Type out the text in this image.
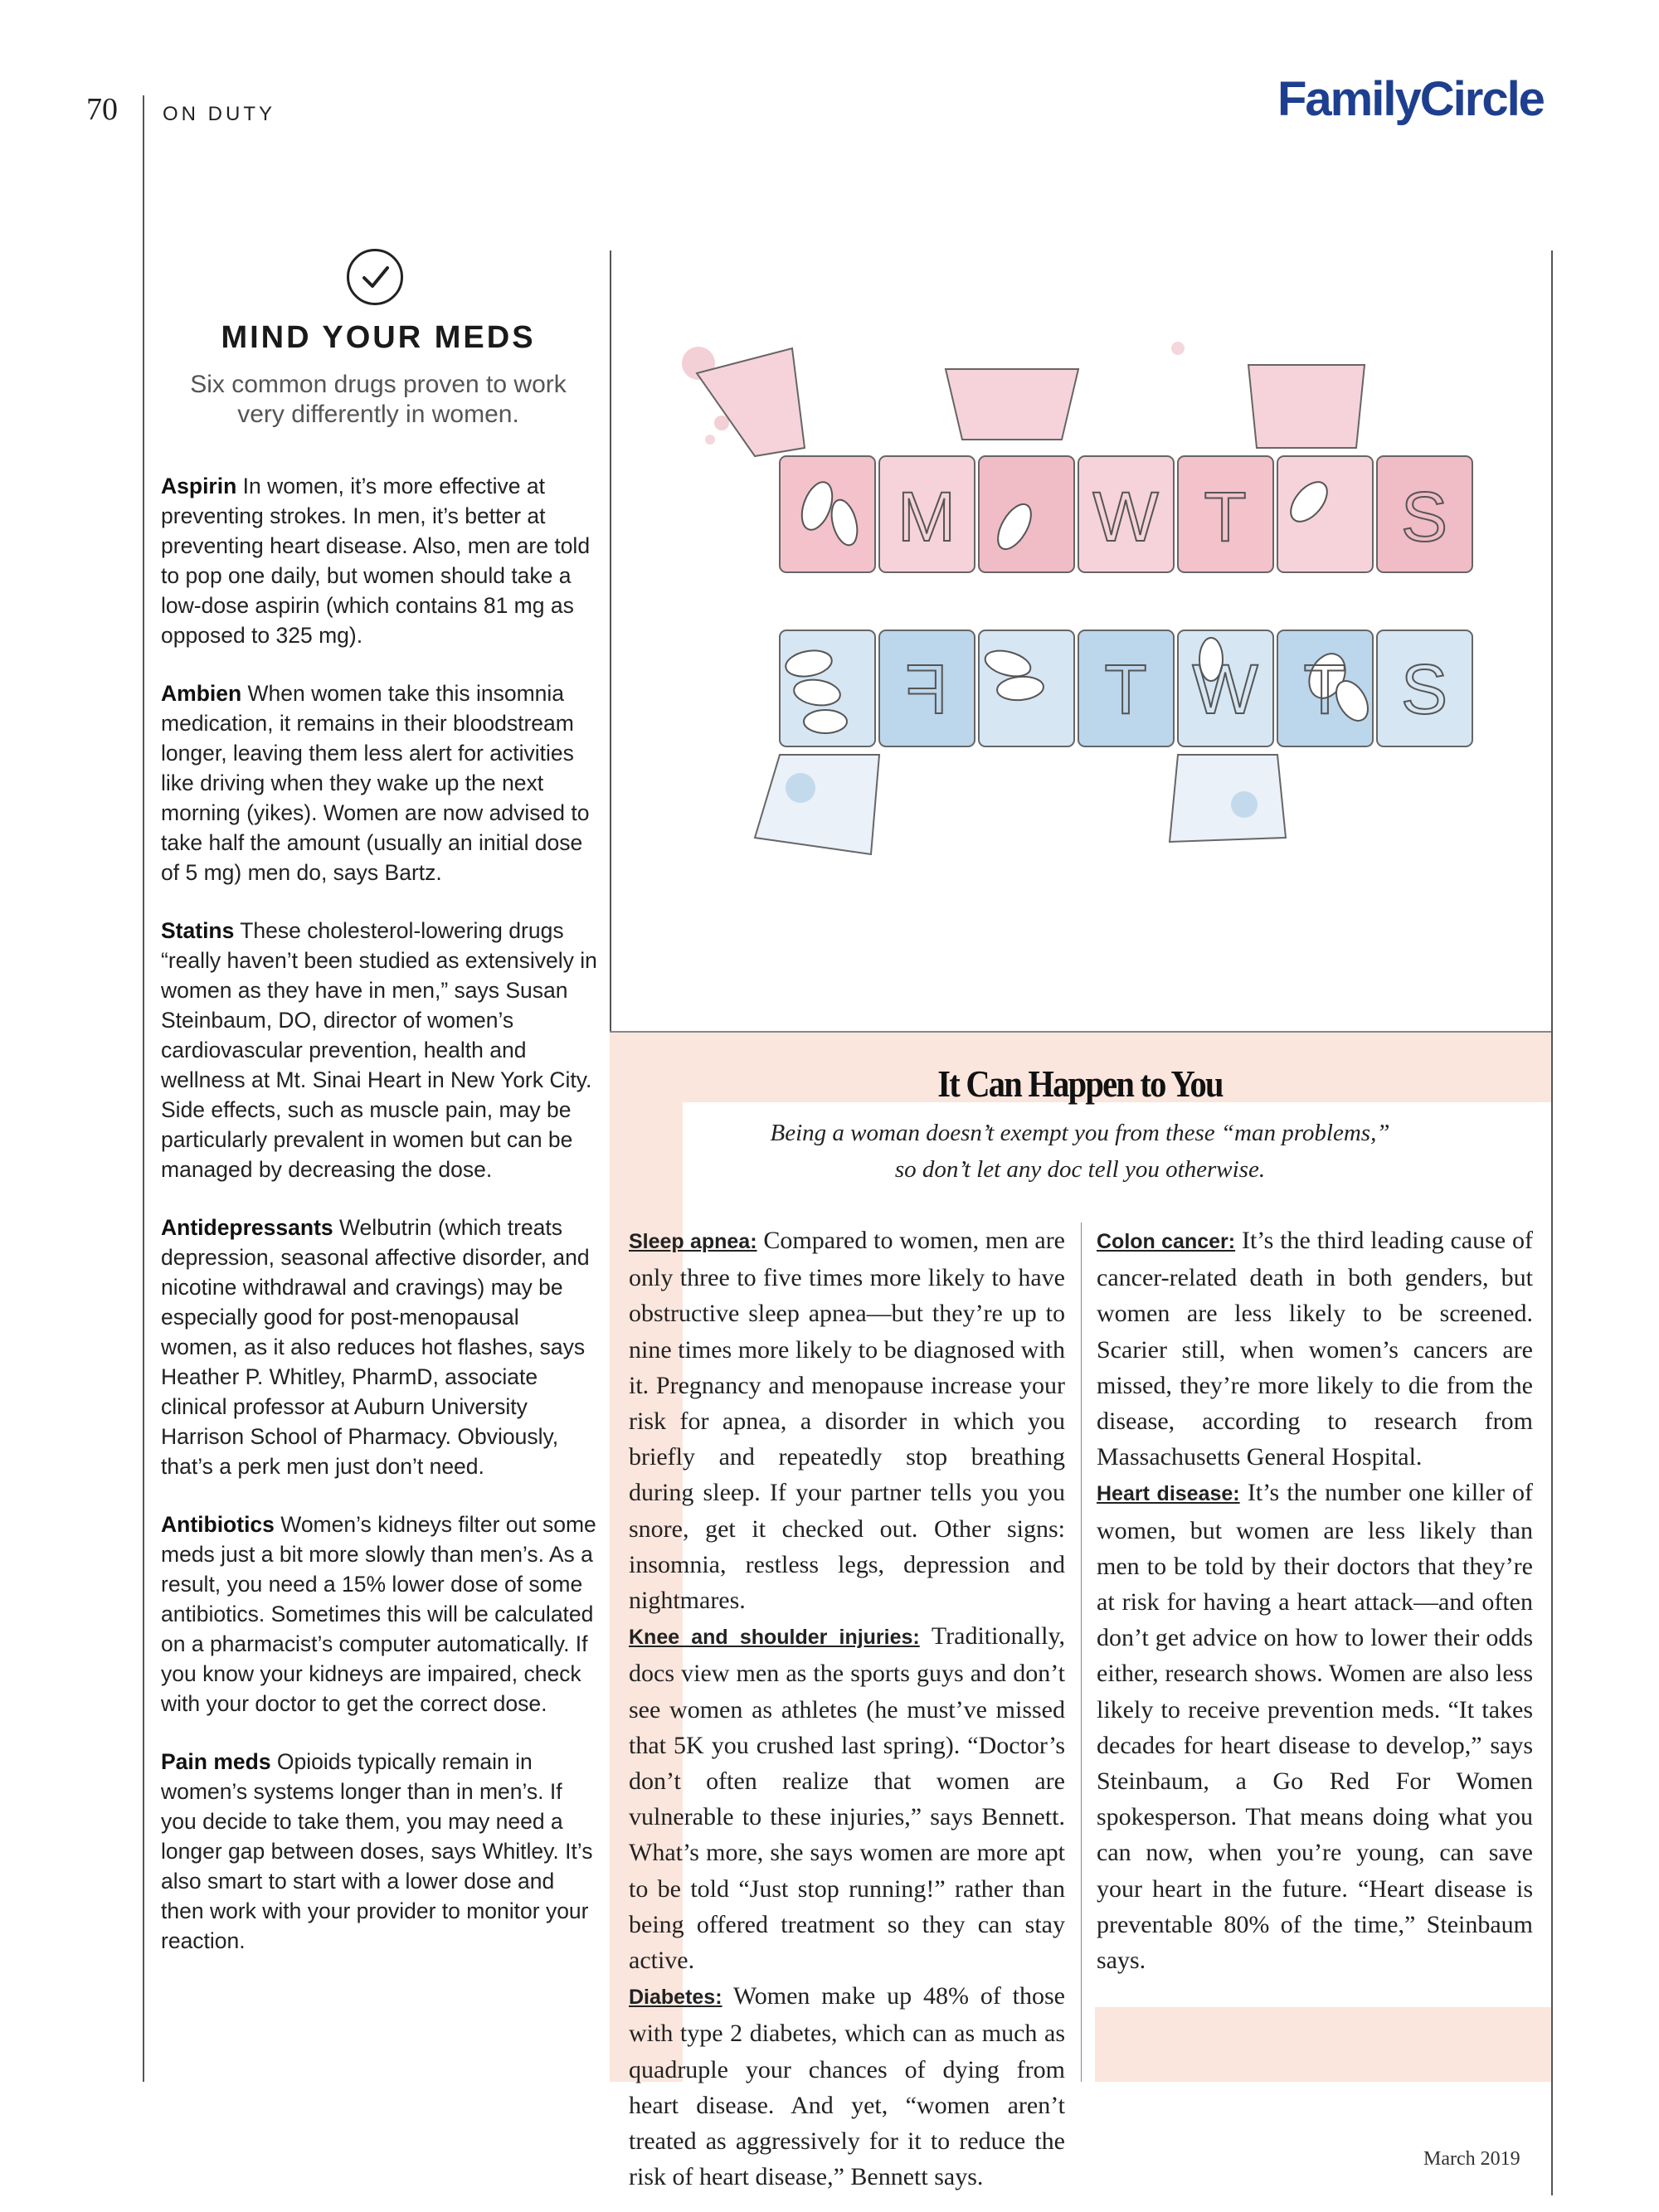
70 ON DUTY	FamilyCircle
MIND YOUR MEDS
Six common drugs proven to work
very differently in women.

Aspirin In women, it’s more effective at preventing strokes. In men, it’s better at preventing heart disease. Also, men are told to pop one daily, but women should take a low-dose aspirin (which contains 81 mg as opposed to 325 mg).

Ambien When women take this insomnia medication, it remains in their bloodstream longer, leaving them less alert for activities like driving when they wake up the next morning (yikes). Women are now advised to take half the amount (usually an initial dose of 5 mg) men do, says Bartz.

Statins These cholesterol-lowering drugs “really haven’t been studied as extensively in women as they have in men,” says Susan Steinbaum, DO, director of women’s cardiovascular prevention, health and wellness at Mt. Sinai Heart in New York City. Side effects, such as muscle pain, may be particularly prevalent in women but can be managed by decreasing the dose.

Antidepressants Welbutrin (which treats depression, seasonal affective disorder, and nicotine withdrawal and cravings) may be especially good for post-menopausal women, as it also reduces hot flashes, says Heather P. Whitley, PharmD, associate clinical professor at Auburn University Harrison School of Pharmacy. Obviously, that’s a perk men just don’t need.

Antibiotics Women’s kidneys filter out some meds just a bit more slowly than men’s. As a result, you need a 15% lower dose of some antibiotics. Sometimes this will be calculated on a pharmacist’s computer automatically. If you know your kidneys are impaired, check with your doctor to get the correct dose.

Pain meds Opioids typically remain in women’s systems longer than in men’s. If you decide to take them, you may need a longer gap between doses, says Whitley. It’s also smart to start with a lower dose and then work with your provider to monitor your reaction.

M W T S
F T W T S
It Can Happen to You
Being a woman doesn’t exempt you from these “man problems,”
so don’t let any doc tell you otherwise.

Sleep apnea: Compared to women, men are only three to five times more likely to have obstructive sleep apnea—but they’re up to nine times more likely to be diagnosed with it. Pregnancy and menopause increase your risk for apnea, a disorder in which you briefly and repeatedly stop breathing during sleep. If your partner tells you you snore, get it checked out. Other signs: insomnia, restless legs, depression and nightmares.

Knee and shoulder injuries: Traditionally, docs view men as the sports guys and don’t see women as athletes (he must’ve missed that 5K you crushed last spring). “Doctor’s don’t often realize that women are vulnerable to these injuries,” says Bennett. What’s more, she says women are more apt to be told “Just stop running!” rather than being offered treatment so they can stay active.

Diabetes: Women make up 48% of those with type 2 diabetes, which can as much as quadruple your chances of dying from heart disease. And yet, “women aren’t treated as aggressively for it to reduce the risk of heart disease,” Bennett says.

Colon cancer: It’s the third leading cause of cancer-related death in both genders, but women are less likely to be screened. Scarier still, when women’s cancers are missed, they’re more likely to die from the disease, according to research from Massachusetts General Hospital.

Heart disease: It’s the number one killer of women, but women are less likely than men to be told by their doctors that they’re at risk for having a heart attack—and often don’t get advice on how to lower their odds either, research shows. Women are also less likely to receive prevention meds. “It takes decades for heart disease to develop,” says Steinbaum, a Go Red For Women spokesperson. That means doing what you can now, when you’re young, can save your heart in the future. “Heart disease is preventable 80% of the time,” Steinbaum says.

March 2019
